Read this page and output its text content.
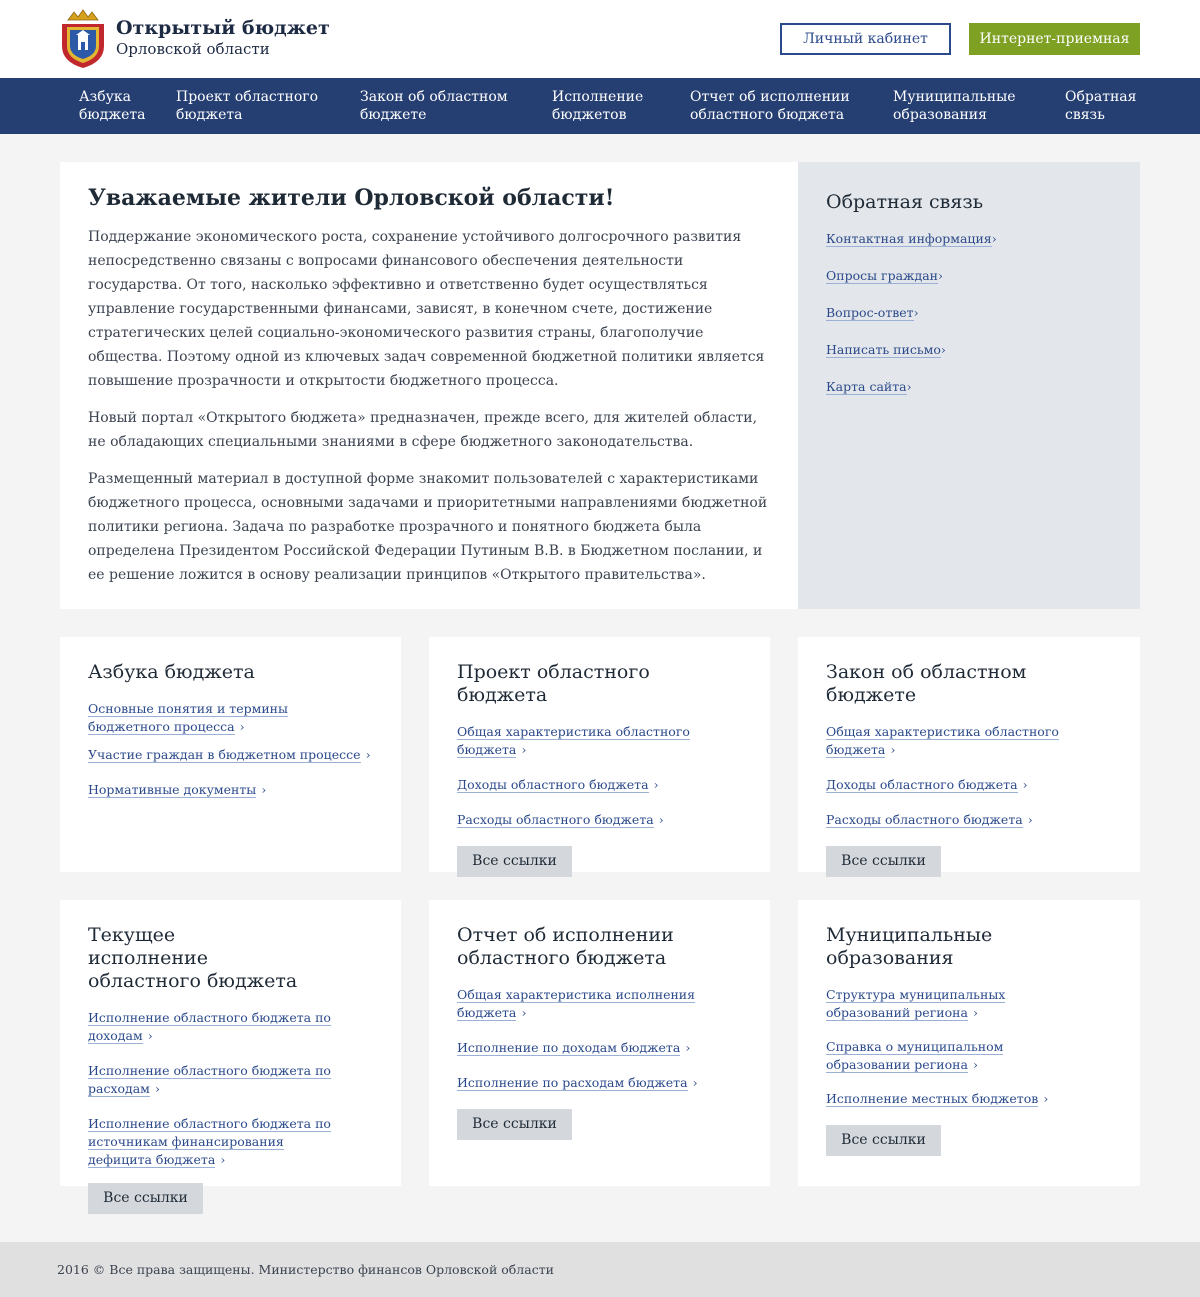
Открытый бюджет
Орловской области
Личный кабинет	Интернет-приемная
Азбука
бюджета
Проект областного
бюджета
Закон об областном
бюджете
Исполнение
бюджетов
Отчет об исполнении
областного бюджета
Муниципальные
образования
Обратная
связь
Уважаемые жители Орловской области!

Поддержание экономического роста, сохранение устойчивого долгосрочного развития непосредственно связаны с вопросами финансового обеспечения деятельности государства. От того, насколько эффективно и ответственно будет осуществляться управление государственными финансами, зависят, в конечном счете, достижение стратегических целей социально-экономического развития страны, благополучие общества. Поэтому одной из ключевых задач современной бюджетной политики является повышение прозрачности и открытости бюджетного процесса.

Новый портал «Открытого бюджета» предназначен, прежде всего, для жителей области, не обладающих специальными знаниями в сфере бюджетного законодательства.

Размещенный материал в доступной форме знакомит пользователей с характеристиками бюджетного процесса, основными задачами и приоритетными направлениями бюджетной политики региона. Задача по разработке прозрачного и понятного бюджета была определена Президентом Российской Федерации Путиным В.В. в Бюджетном послании, и ее решение ложится в основу реализации принципов «Открытого правительства».

Обратная связь
Контактная информация›
Опросы граждан›
Вопрос-ответ›
Написать письмо›
Карта сайта›
Азбука бюджета
Основные понятия и термины бюджетного процесса ›
Участие граждан в бюджетном процессе ›
Нормативные документы ›
Проект областного бюджета
Общая характеристика областного бюджета ›
Доходы областного бюджета ›
Расходы областного бюджета ›
Все ссылки
Закон об областном бюджете
Общая характеристика областного бюджета ›
Доходы областного бюджета ›
Расходы областного бюджета ›
Все ссылки
Текущее исполнение областного бюджета
Исполнение областного бюджета по доходам ›
Исполнение областного бюджета по расходам ›
Исполнение областного бюджета по источникам финансирования дефицита бюджета ›
Все ссылки
Отчет об исполнении областного бюджета
Общая характеристика исполнения бюджета ›
Исполнение по доходам бюджета ›
Исполнение по расходам бюджета ›
Все ссылки
Муниципальные образования
Структура муниципальных образований региона ›
Справка о муниципальном образовании региона ›
Исполнение местных бюджетов ›
Все ссылки
2016 © Все права защищены. Министерство финансов Орловской области
